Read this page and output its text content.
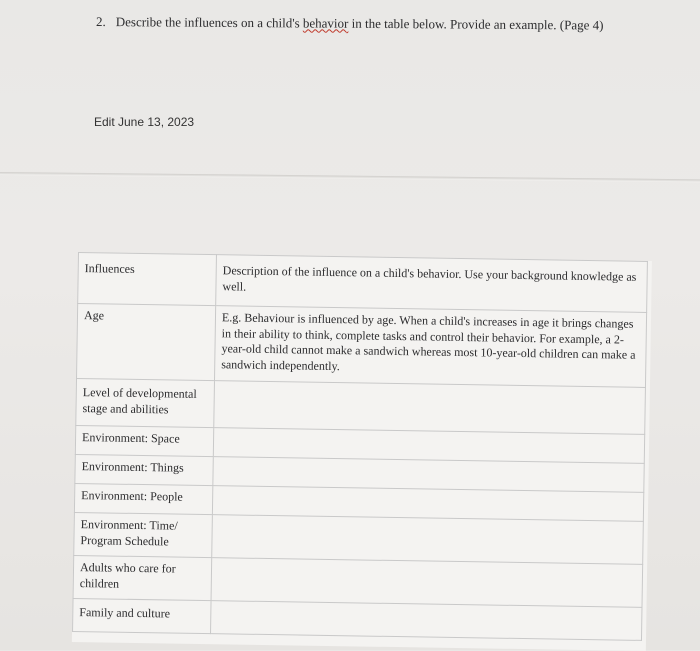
2. Describe the influences on a child's behavior in the table below. Provide an example. (Page 4)
Edit June 13, 2023
Influences	Description of the influence on a child's behavior. Use your background knowledge as well.
Age	E.g. Behaviour is influenced by age. When a child's increases in age it brings changes in their ability to think, complete tasks and control their behavior. For example, a 2-year-old child cannot make a sandwich whereas most 10-year-old children can make a sandwich independently.
Level of developmental stage and abilities	
Environment: Space	
Environment: Things	
Environment: People	
Environment: Time/ Program Schedule	
Adults who care for children	
Family and culture	
